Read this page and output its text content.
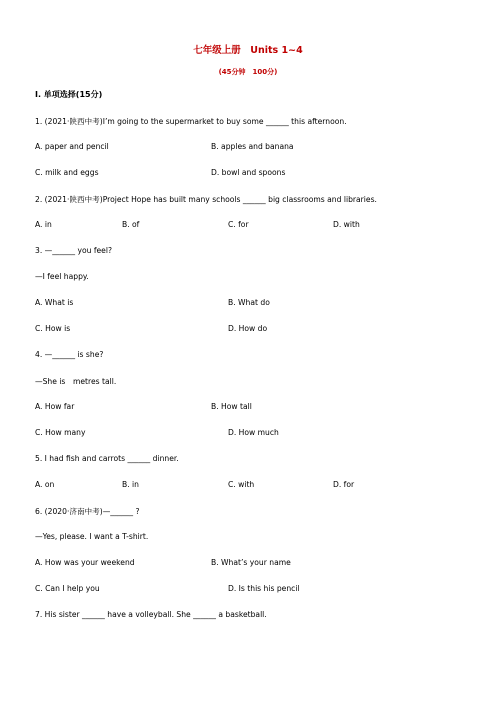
七年级上册　Units 1~4
(45分钟　100分)
Ⅰ. 单项选择(15分)
1. (2021·陕西中考)I’m going to the supermarket to buy some ______ this afternoon.
A. paper and pencil	B. apples and banana
C. milk and eggs	D. bowl and spoons
2. (2021·陕西中考)Project Hope has built many schools ______ big classrooms and libraries.
A. in	B. of	C. for	D. with
3. —______ you feel?
—I feel happy.
A. What is	B. What do
C. How is	D. How do
4. —______ is she?
—She is　metres tall.
A. How far	B. How tall
C. How many	D. How much
5. I had fish and carrots ______ dinner.
A. on	B. in	C. with	D. for
6. (2020·济南中考)—______ ?
—Yes, please. I want a T-shirt.
A. How was your weekend	B. What’s your name
C. Can I help you	D. Is this his pencil
7. His sister ______ have a volleyball. She ______ a basketball.
